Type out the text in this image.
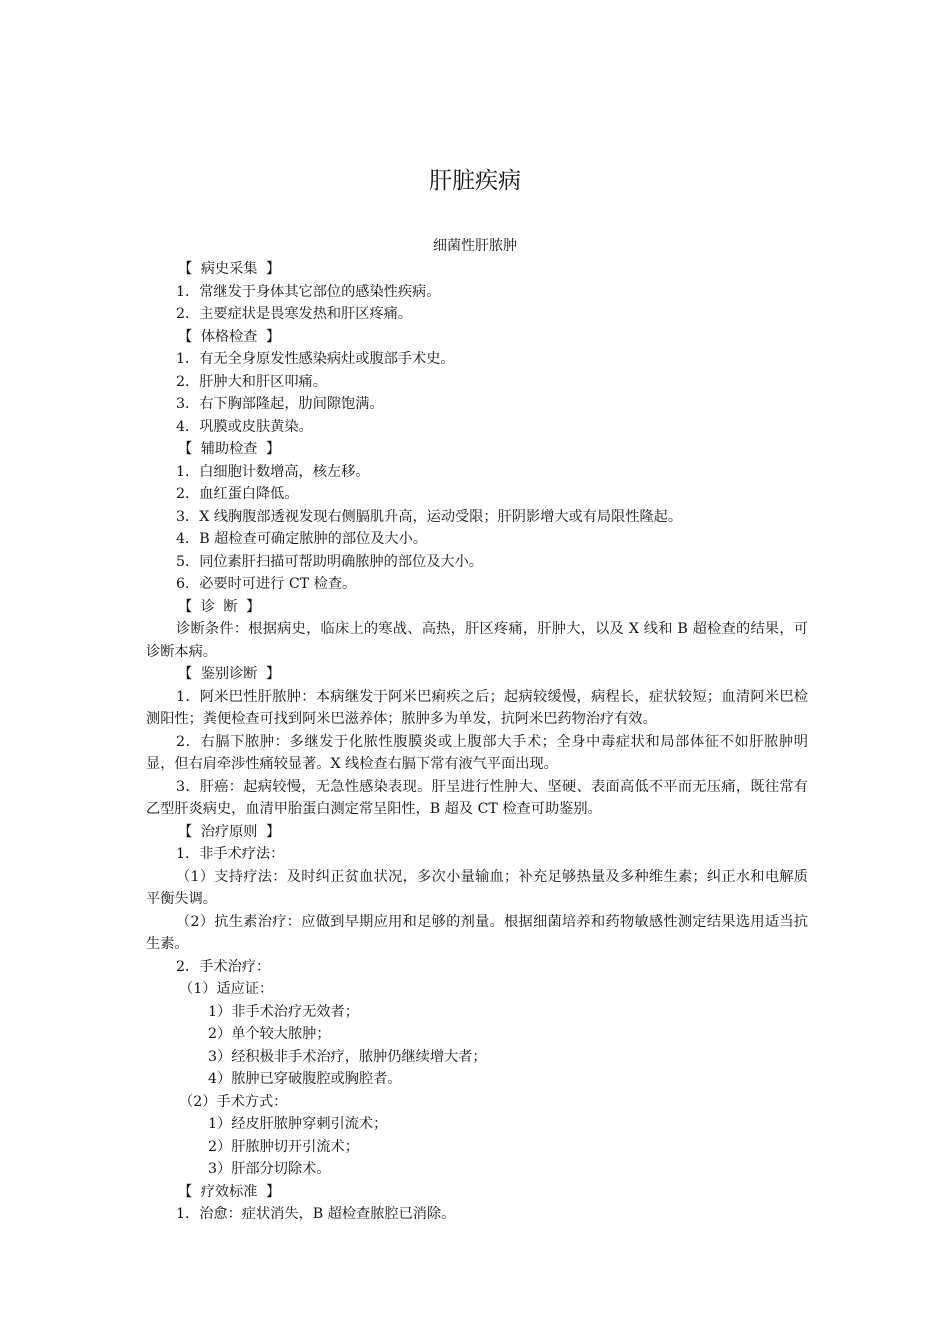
肝脏疾病
细菌性肝脓肿
【 病史采集 】
1．常继发于身体其它部位的感染性疾病。
2．主要症状是畏寒发热和肝区疼痛。
【 体格检查 】
1．有无全身原发性感染病灶或腹部手术史。
2．肝肿大和肝区叩痛。
3．右下胸部隆起，肋间隙饱满。
4．巩膜或皮肤黄染。
【 辅助检查 】
1．白细胞计数增高，核左移。
2．血红蛋白降低。
3．X 线胸腹部透视发现右侧膈肌升高，运动受限；肝阴影增大或有局限性隆起。
4．B 超检查可确定脓肿的部位及大小。
5．同位素肝扫描可帮助明确脓肿的部位及大小。
6．必要时可进行 CT 检查。
【 诊 断 】
诊断条件：根据病史，临床上的寒战、高热，肝区疼痛，肝肿大，以及 X 线和 B 超检查的结果，可诊断本病。
【 鉴别诊断 】
1．阿米巴性肝脓肿：本病继发于阿米巴痢疾之后；起病较缓慢，病程长，症状较短；血清阿米巴检测阳性；粪便检查可找到阿米巴滋养体；脓肿多为单发，抗阿米巴药物治疗有效。
2．右膈下脓肿：多继发于化脓性腹膜炎或上腹部大手术；全身中毒症状和局部体征不如肝脓肿明显，但右肩牵涉性痛较显著。X 线检查右膈下常有液气平面出现。
3．肝癌：起病较慢，无急性感染表现。肝呈进行性肿大、坚硬、表面高低不平而无压痛，既往常有乙型肝炎病史，血清甲胎蛋白测定常呈阳性，B 超及 CT 检查可助鉴别。
【 治疗原则 】
1．非手术疗法：
（1）支持疗法：及时纠正贫血状况，多次小量输血；补充足够热量及多种维生素；纠正水和电解质平衡失调。
（2）抗生素治疗：应做到早期应用和足够的剂量。根据细菌培养和药物敏感性测定结果选用适当抗生素。
2．手术治疗：
（1）适应证：
1）非手术治疗无效者；
2）单个较大脓肿；
3）经积极非手术治疗，脓肿仍继续增大者；
4）脓肿已穿破腹腔或胸腔者。
（2）手术方式：
1）经皮肝脓肿穿刺引流术；
2）肝脓肿切开引流术；
3）肝部分切除术。
【 疗效标准 】
1．治愈：症状消失，B 超检查脓腔已消除。
